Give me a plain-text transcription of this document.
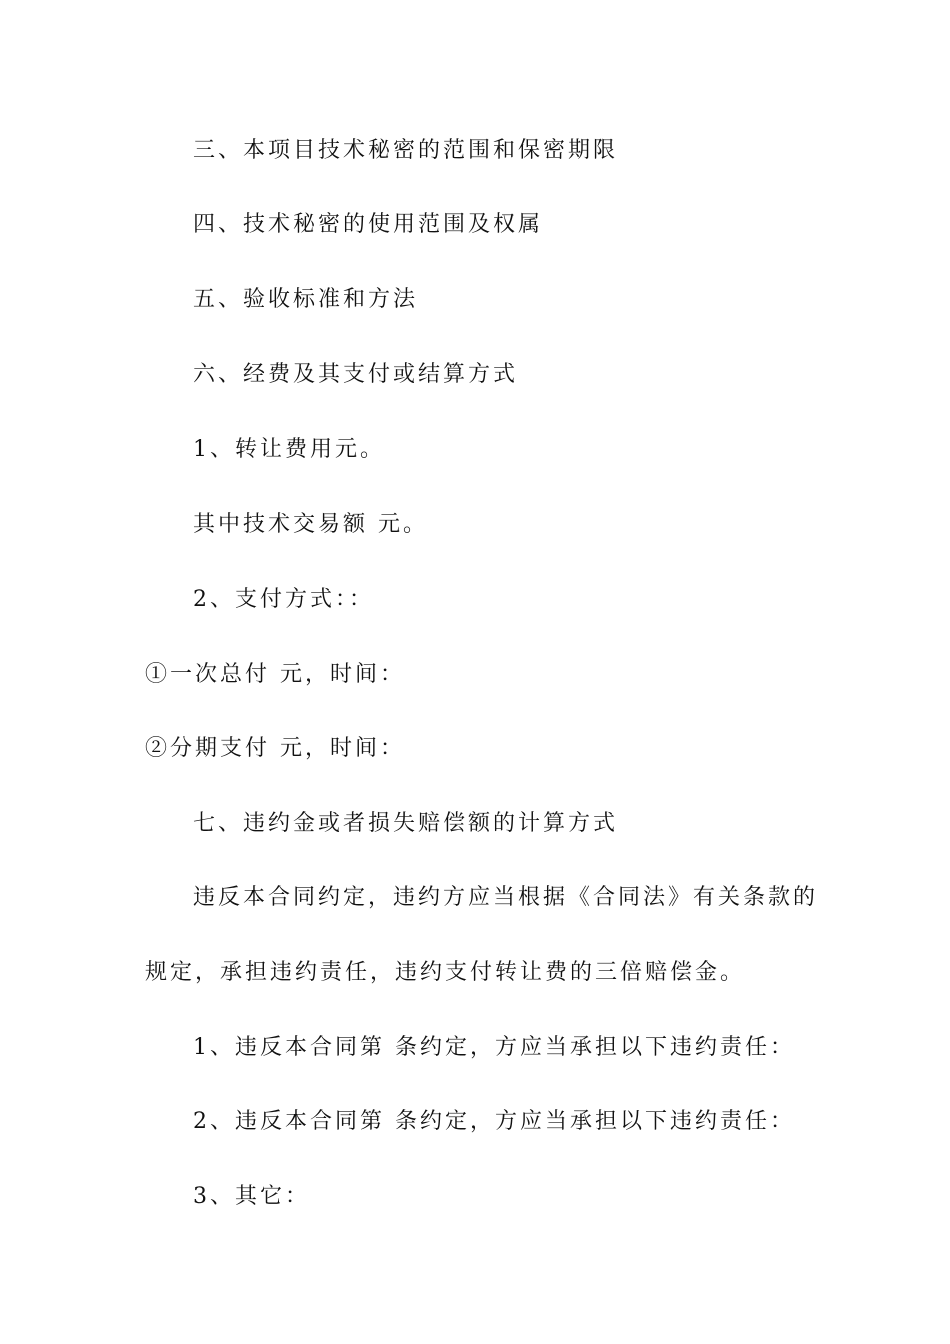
三、本项目技术秘密的范围和保密期限
四、技术秘密的使用范围及权属
五、验收标准和方法
六、经费及其支付或结算方式
1、转让费用元。
其中技术交易额 元。
2、支付方式：：
①一次总付 元，时间：
②分期支付 元，时间：
七、违约金或者损失赔偿额的计算方式
违反本合同约定，违约方应当根据《合同法》有关条款的
规定，承担违约责任，违约支付转让费的三倍赔偿金。
1、违反本合同第 条约定，方应当承担以下违约责任：
2、违反本合同第 条约定，方应当承担以下违约责任：
3、其它：
